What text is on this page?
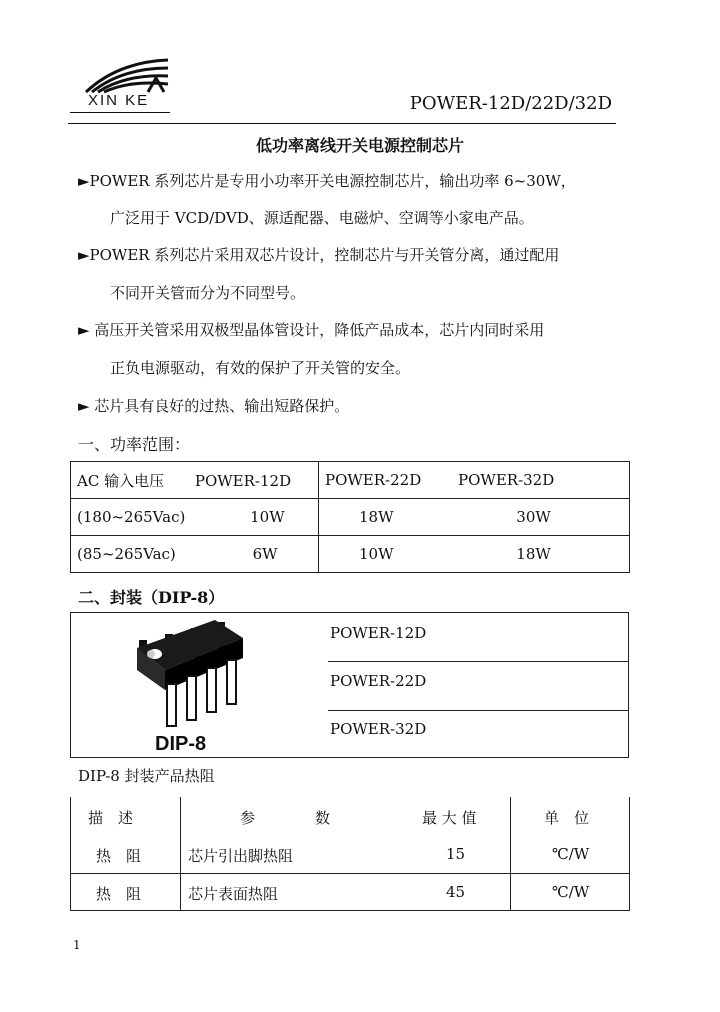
XIN KE	POWER-12D/22D/32D
低功率离线开关电源控制芯片
►POWER 系列芯片是专用小功率开关电源控制芯片，输出功率 6~30W，
广泛用于 VCD/DVD、源适配器、电磁炉、空调等小家电产品。
►POWER 系列芯片采用双芯片设计，控制芯片与开关管分离，通过配用
不同开关管而分为不同型号。
► 高压开关管采用双极型晶体管设计，降低产品成本，芯片内同时采用
正负电源驱动，有效的保护了开关管的安全。
► 芯片具有良好的过热、输出短路保护。
一、功率范围：
AC 输入电压 POWER-12D	POWER-22D POWER-32D
(180~265Vac) 10W	18W 30W
(85~265Vac) 6W	10W 18W
二、封装（DIP-8）
DIP-8
POWER-12D
POWER-22D
POWER-32D
DIP-8 封装产品热阻
描　述	参　　　　数	最 大 值	单　位
热　阻	芯片引出脚热阻	15	℃/W
热　阻	芯片表面热阻	45	℃/W
1
